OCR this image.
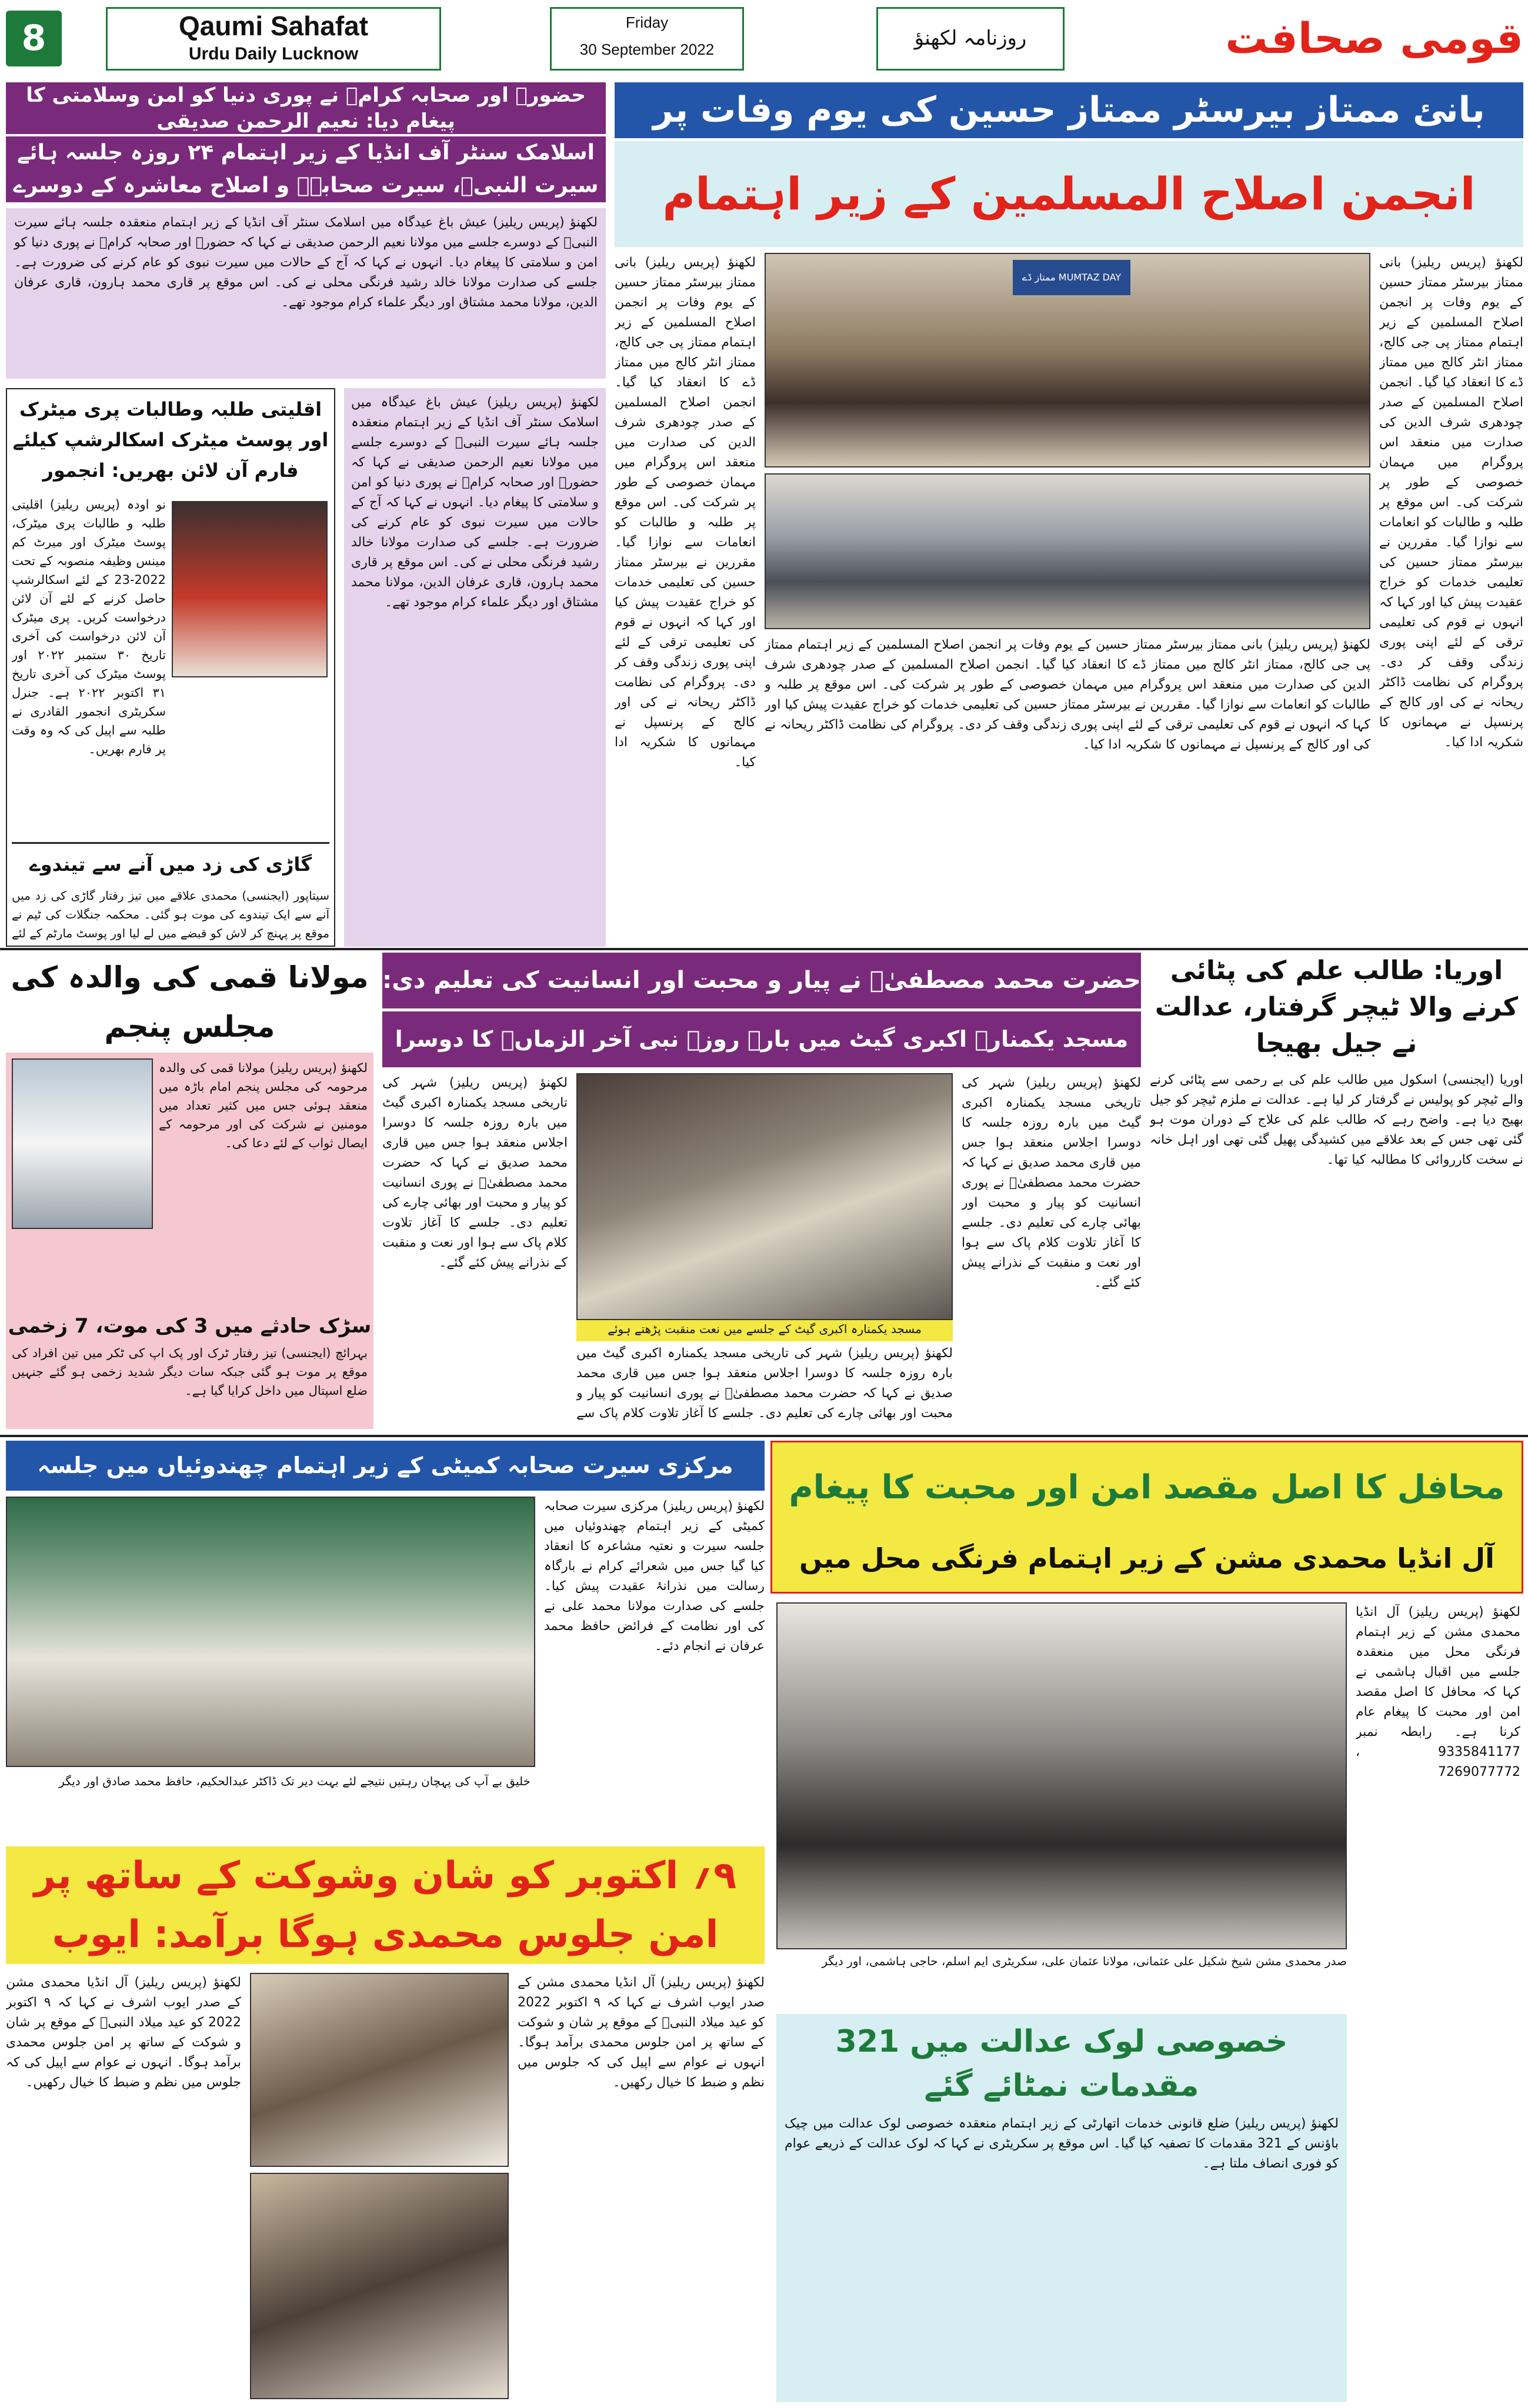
8	Qaumi Sahafat
Urdu Daily Lucknow
Friday
30 September 2022	روزنامہ لکھنؤ	قومی صحافت
حضورؐ اور صحابہ کرامؓ نے پوری دنیا کو امن وسلامتی کا پیغام دیا: نعیم الرحمن صدیقی
اسلامک سنٹر آف انڈیا کے زیر اہتمام ۲۴ روزہ جلسہ ہائے سیرت النبیؐ، سیرت صحابہؓ و اصلاح معاشرہ کے دوسرے
لکھنؤ (پریس ریلیز) عیش باغ عیدگاہ میں اسلامک سنٹر آف انڈیا کے زیر اہتمام منعقدہ جلسہ ہائے سیرت النبیؐ کے دوسرے جلسے میں مولانا نعیم الرحمن صدیقی نے کہا کہ حضورؐ اور صحابہ کرامؓ نے پوری دنیا کو امن و سلامتی کا پیغام دیا۔ انہوں نے کہا کہ آج کے حالات میں سیرت نبوی کو عام کرنے کی ضرورت ہے۔ جلسے کی صدارت مولانا خالد رشید فرنگی محلی نے کی۔ اس موقع پر قاری محمد ہارون، قاری عرفان الدین، مولانا محمد مشتاق اور دیگر علماء کرام موجود تھے۔
اقلیتی طلبہ وطالبات پری میٹرک اور پوسٹ میٹرک اسکالرشپ کیلئے فارم آن لائن بھریں: انجمور
نو اودہ (پریس ریلیز) اقلیتی طلبہ و طالبات پری میٹرک، پوسٹ میٹرک اور میرٹ کم مینس وظیفہ منصوبہ کے تحت 2022-23 کے لئے اسکالرشپ حاصل کرنے کے لئے آن لائن درخواست کریں۔ پری میٹرک آن لائن درخواست کی آخری تاریخ ۳۰ ستمبر ۲۰۲۲ اور پوسٹ میٹرک کی آخری تاریخ ۳۱ اکتوبر ۲۰۲۲ ہے۔ جنرل سکریٹری انجمور القادری نے طلبہ سے اپیل کی کہ وہ وقت پر فارم بھریں۔
گاڑی کی زد میں آنے سے تیندوے
سیتاپور (ایجنسی) محمدی علاقے میں تیز رفتار گاڑی کی زد میں آنے سے ایک تیندوے کی موت ہو گئی۔ محکمہ جنگلات کی ٹیم نے موقع پر پہنچ کر لاش کو قبضے میں لے لیا اور پوسٹ مارٹم کے لئے
لکھنؤ (پریس ریلیز) عیش باغ عیدگاہ میں اسلامک سنٹر آف انڈیا کے زیر اہتمام منعقدہ جلسہ ہائے سیرت النبیؐ کے دوسرے جلسے میں مولانا نعیم الرحمن صدیقی نے کہا کہ حضورؐ اور صحابہ کرامؓ نے پوری دنیا کو امن و سلامتی کا پیغام دیا۔ انہوں نے کہا کہ آج کے حالات میں سیرت نبوی کو عام کرنے کی ضرورت ہے۔ جلسے کی صدارت مولانا خالد رشید فرنگی محلی نے کی۔ اس موقع پر قاری محمد ہارون، قاری عرفان الدین، مولانا محمد مشتاق اور دیگر علماء کرام موجود تھے۔
بانئ ممتاز بیرسٹر ممتاز حسین کی یوم وفات پر
انجمن اصلاح المسلمین کے زیر اہتمام
لکھنؤ (پریس ریلیز) بانی ممتاز بیرسٹر ممتاز حسین کے یوم وفات پر انجمن اصلاح المسلمین کے زیر اہتمام ممتاز پی جی کالج، ممتاز انٹر کالج میں ممتاز ڈے کا انعقاد کیا گیا۔ انجمن اصلاح المسلمین کے صدر چودھری شرف الدین کی صدارت میں منعقد اس پروگرام میں مہمان خصوصی کے طور پر شرکت کی۔ اس موقع پر طلبہ و طالبات کو انعامات سے نوازا گیا۔ مقررین نے بیرسٹر ممتاز حسین کی تعلیمی خدمات کو خراج عقیدت پیش کیا اور کہا کہ انہوں نے قوم کی تعلیمی ترقی کے لئے اپنی پوری زندگی وقف کر دی۔ پروگرام کی نظامت ڈاکٹر ریحانہ نے کی اور کالج کے پرنسپل نے مہمانوں کا شکریہ ادا کیا۔
ممتاز ڈے MUMTAZ DAY
لکھنؤ (پریس ریلیز) بانی ممتاز بیرسٹر ممتاز حسین کے یوم وفات پر انجمن اصلاح المسلمین کے زیر اہتمام ممتاز پی جی کالج، ممتاز انٹر کالج میں ممتاز ڈے کا انعقاد کیا گیا۔ انجمن اصلاح المسلمین کے صدر چودھری شرف الدین کی صدارت میں منعقد اس پروگرام میں مہمان خصوصی کے طور پر شرکت کی۔ اس موقع پر طلبہ و طالبات کو انعامات سے نوازا گیا۔ مقررین نے بیرسٹر ممتاز حسین کی تعلیمی خدمات کو خراج عقیدت پیش کیا اور کہا کہ انہوں نے قوم کی تعلیمی ترقی کے لئے اپنی پوری زندگی وقف کر دی۔ پروگرام کی نظامت ڈاکٹر ریحانہ نے کی اور کالج کے پرنسپل نے مہمانوں کا شکریہ ادا کیا۔
لکھنؤ (پریس ریلیز) بانی ممتاز بیرسٹر ممتاز حسین کے یوم وفات پر انجمن اصلاح المسلمین کے زیر اہتمام ممتاز پی جی کالج، ممتاز انٹر کالج میں ممتاز ڈے کا انعقاد کیا گیا۔ انجمن اصلاح المسلمین کے صدر چودھری شرف الدین کی صدارت میں منعقد اس پروگرام میں مہمان خصوصی کے طور پر شرکت کی۔ اس موقع پر طلبہ و طالبات کو انعامات سے نوازا گیا۔ مقررین نے بیرسٹر ممتاز حسین کی تعلیمی خدمات کو خراج عقیدت پیش کیا اور کہا کہ انہوں نے قوم کی تعلیمی ترقی کے لئے اپنی پوری زندگی وقف کر دی۔ پروگرام کی نظامت ڈاکٹر ریحانہ نے کی اور کالج کے پرنسپل نے مہمانوں کا شکریہ ادا کیا۔
مولانا قمی کی والدہ کی مجلس پنجم
لکھنؤ (پریس ریلیز) مولانا قمی کی والدہ مرحومہ کی مجلس پنجم امام باڑہ میں منعقد ہوئی جس میں کثیر تعداد میں مومنین نے شرکت کی اور مرحومہ کے ایصال ثواب کے لئے دعا کی۔
سڑک حادثے میں 3 کی موت، 7 زخمی
بہرائچ (ایجنسی) تیز رفتار ٹرک اور پک اپ کی ٹکر میں تین افراد کی موقع پر موت ہو گئی جبکہ سات دیگر شدید زخمی ہو گئے جنہیں ضلع اسپتال میں داخل کرایا گیا ہے۔
حضرت محمد مصطفیٰؐ نے پیار و محبت اور انسانیت کی تعلیم دی:
مسجد یکمنارہ اکبری گیٹ میں بارہ روزہ نبی آخر الزماںؐ کا دوسرا
لکھنؤ (پریس ریلیز) شہر کی تاریخی مسجد یکمنارہ اکبری گیٹ میں بارہ روزہ جلسہ کا دوسرا اجلاس منعقد ہوا جس میں قاری محمد صدیق نے کہا کہ حضرت محمد مصطفیٰؐ نے پوری انسانیت کو پیار و محبت اور بھائی چارے کی تعلیم دی۔ جلسے کا آغاز تلاوت کلام پاک سے ہوا اور نعت و منقبت کے نذرانے پیش کئے گئے۔
مسجد یکمنارہ اکبری گیٹ کے جلسے میں نعت منقبت پڑھتے ہوئے
لکھنؤ (پریس ریلیز) شہر کی تاریخی مسجد یکمنارہ اکبری گیٹ میں بارہ روزہ جلسہ کا دوسرا اجلاس منعقد ہوا جس میں قاری محمد صدیق نے کہا کہ حضرت محمد مصطفیٰؐ نے پوری انسانیت کو پیار و محبت اور بھائی چارے کی تعلیم دی۔ جلسے کا آغاز تلاوت کلام پاک سے
لکھنؤ (پریس ریلیز) شہر کی تاریخی مسجد یکمنارہ اکبری گیٹ میں بارہ روزہ جلسہ کا دوسرا اجلاس منعقد ہوا جس میں قاری محمد صدیق نے کہا کہ حضرت محمد مصطفیٰؐ نے پوری انسانیت کو پیار و محبت اور بھائی چارے کی تعلیم دی۔ جلسے کا آغاز تلاوت کلام پاک سے ہوا اور نعت و منقبت کے نذرانے پیش کئے گئے۔
اوریا: طالب علم کی پٹائی کرنے والا ٹیچر گرفتار، عدالت نے جیل بھیجا
اوریا (ایجنسی) اسکول میں طالب علم کی بے رحمی سے پٹائی کرنے والے ٹیچر کو پولیس نے گرفتار کر لیا ہے۔ عدالت نے ملزم ٹیچر کو جیل بھیج دیا ہے۔ واضح رہے کہ طالب علم کی علاج کے دوران موت ہو گئی تھی جس کے بعد علاقے میں کشیدگی پھیل گئی تھی اور اہل خانہ نے سخت کارروائی کا مطالبہ کیا تھا۔
مرکزی سیرت صحابہ کمیٹی کے زیر اہتمام چھندوئیاں میں جلسہ
لکھنؤ (پریس ریلیز) مرکزی سیرت صحابہ کمیٹی کے زیر اہتمام چھندوئیاں میں جلسہ سیرت و نعتیہ مشاعرہ کا انعقاد کیا گیا جس میں شعرائے کرام نے بارگاہ رسالت میں نذرانۂ عقیدت پیش کیا۔ جلسے کی صدارت مولانا محمد علی نے کی اور نظامت کے فرائض حافظ محمد عرفان نے انجام دئے۔
خلیق بے آپ کی پہچان رہتیں نتیجے لئے بہت دیر تک ڈاکٹر عبدالحکیم، حافظ محمد صادق اور دیگر
۹؍ اکتوبر کو شان وشوکت کے ساتھ پر امن جلوس محمدی ہوگا برآمد: ایوب
لکھنؤ (پریس ریلیز) آل انڈیا محمدی مشن کے صدر ایوب اشرف نے کہا کہ ۹ اکتوبر 2022 کو عید میلاد النبیؐ کے موقع پر شان و شوکت کے ساتھ پر امن جلوس محمدی برآمد ہوگا۔ انہوں نے عوام سے اپیل کی کہ جلوس میں نظم و ضبط کا خیال رکھیں۔
لکھنؤ (پریس ریلیز) آل انڈیا محمدی مشن کے صدر ایوب اشرف نے کہا کہ ۹ اکتوبر 2022 کو عید میلاد النبیؐ کے موقع پر شان و شوکت کے ساتھ پر امن جلوس محمدی برآمد ہوگا۔ انہوں نے عوام سے اپیل کی کہ جلوس میں نظم و ضبط کا خیال رکھیں۔
محافل کا اصل مقصد امن اور محبت کا پیغام
آل انڈیا محمدی مشن کے زیر اہتمام فرنگی محل میں
صدر محمدی مشن شیخ شکیل علی عثمانی، مولانا عثمان علی، سکریٹری ایم اسلم، حاجی ہاشمی، اور دیگر
لکھنؤ (پریس ریلیز) آل انڈیا محمدی مشن کے زیر اہتمام فرنگی محل میں منعقدہ جلسے میں اقبال ہاشمی نے کہا کہ محافل کا اصل مقصد امن اور محبت کا پیغام عام کرنا ہے۔ رابطہ نمبر 9335841177 ، 7269077772
خصوصی لوک عدالت میں 321 مقدمات نمٹائے گئے
لکھنؤ (پریس ریلیز) ضلع قانونی خدمات اتھارٹی کے زیر اہتمام منعقدہ خصوصی لوک عدالت میں چیک باؤنس کے 321 مقدمات کا تصفیہ کیا گیا۔ اس موقع پر سکریٹری نے کہا کہ لوک عدالت کے ذریعے عوام کو فوری انصاف ملتا ہے۔
